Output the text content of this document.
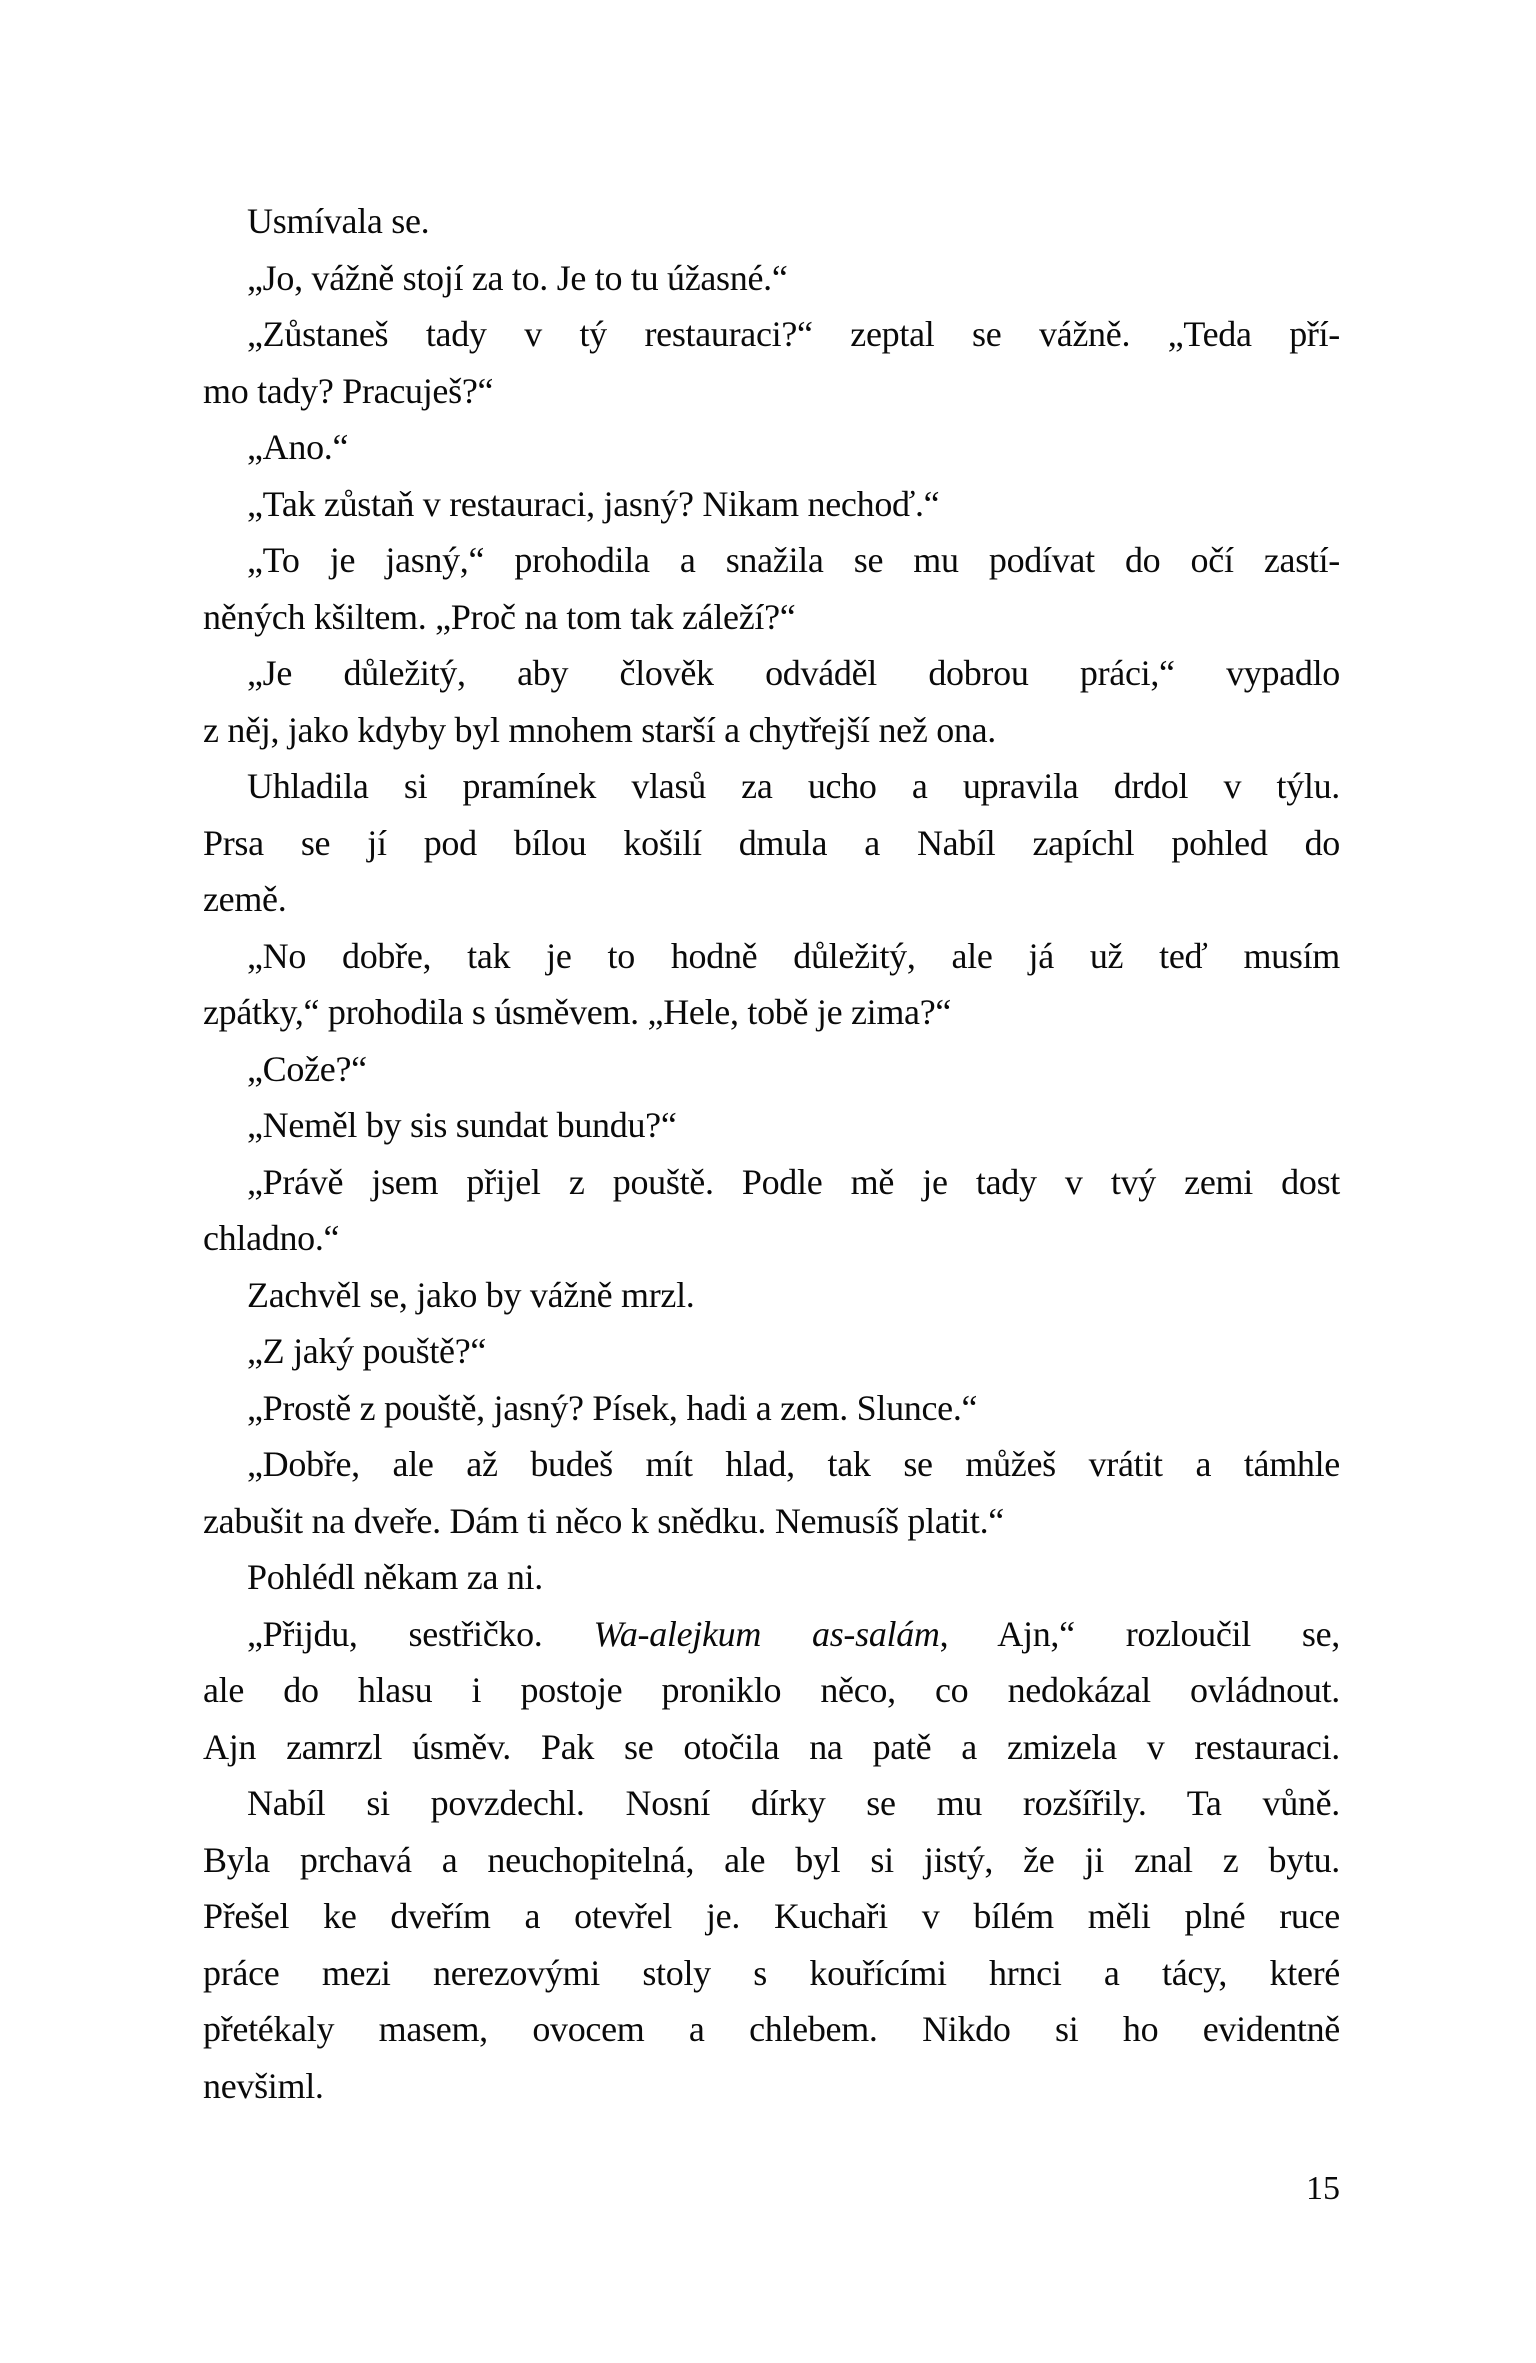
Usmívala se.
„Jo, vážně stojí za to. Je to tu úžasné.“
„Zůstaneš tady v tý restauraci?“ zeptal se vážně. „Teda pří-
mo tady? Pracuješ?“
„Ano.“
„Tak zůstaň v restauraci, jasný? Nikam nechoď.“
„To je jasný,“ prohodila a snažila se mu podívat do očí zastí-
něných kšiltem. „Proč na tom tak záleží?“
„Je důležitý, aby člověk odváděl dobrou práci,“ vypadlo
z něj, jako kdyby byl mnohem starší a chytřejší než ona.
Uhladila si pramínek vlasů za ucho a upravila drdol v týlu.
Prsa se jí pod bílou košilí dmula a Nabíl zapíchl pohled do
země.
„No dobře, tak je to hodně důležitý, ale já už teď musím
zpátky,“ prohodila s úsměvem. „Hele, tobě je zima?“
„Cože?“
„Neměl by sis sundat bundu?“
„Právě jsem přijel z pouště. Podle mě je tady v tvý zemi dost
chladno.“
Zachvěl se, jako by vážně mrzl.
„Z jaký pouště?“
„Prostě z pouště, jasný? Písek, hadi a zem. Slunce.“
„Dobře, ale až budeš mít hlad, tak se můžeš vrátit a támhle
zabušit na dveře. Dám ti něco k snědku. Nemusíš platit.“
Pohlédl někam za ni.
„Přijdu, sestřičko. Wa-alejkum as-salám, Ajn,“ rozloučil se,
ale do hlasu i postoje proniklo něco, co nedokázal ovládnout.
Ajn zamrzl úsměv. Pak se otočila na patě a zmizela v restauraci.
Nabíl si povzdechl. Nosní dírky se mu rozšířily. Ta vůně.
Byla prchavá a neuchopitelná, ale byl si jistý, že ji znal z bytu.
Přešel ke dveřím a otevřel je. Kuchaři v bílém měli plné ruce
práce mezi nerezovými stoly s kouřícími hrnci a tácy, které
přetékaly masem, ovocem a chlebem. Nikdo si ho evidentně
nevšiml.
15
